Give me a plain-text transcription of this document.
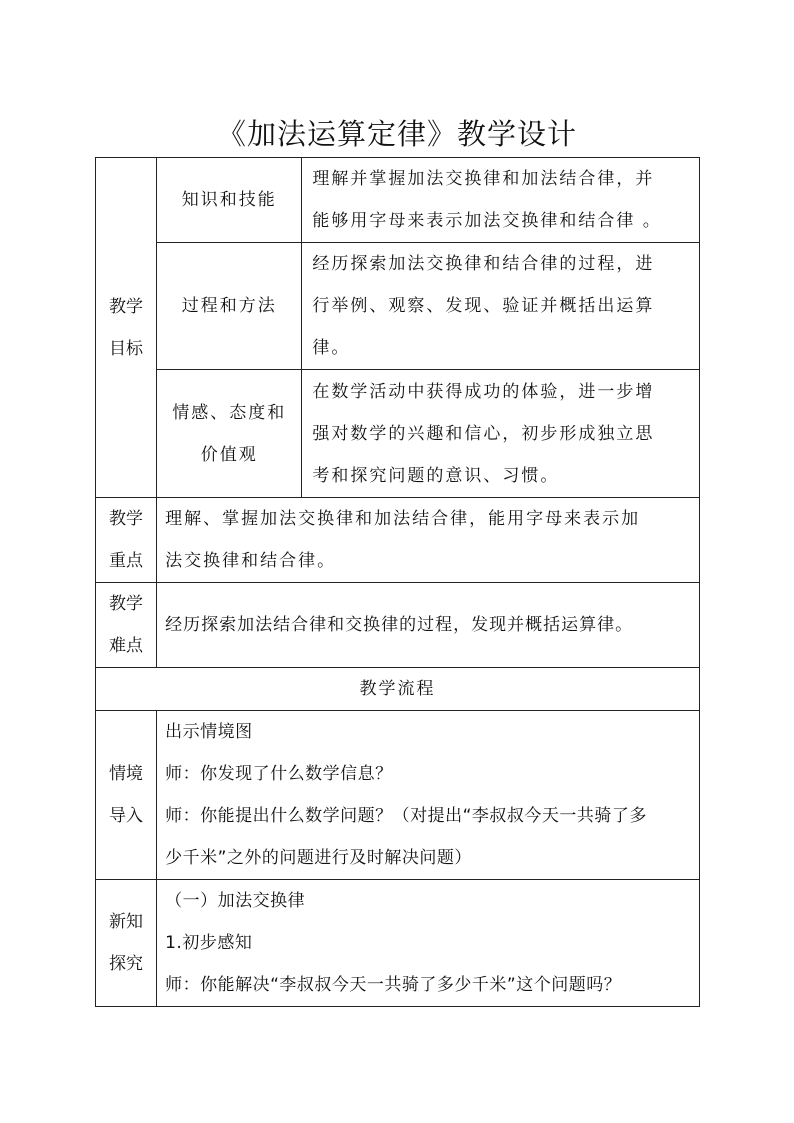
《加法运算定律》教学设计
教学
目标	知识和技能	理解并掌握加法交换律和加法结合律，并
能够用字母来表示加法交换律和结合律 。

	过程和方法	经历探索加法交换律和结合律的过程，进
行举例、观察、发现、验证并概括出运算
律。

	情感、态度和
价值观	在数学活动中获得成功的体验，进一步增
强对数学的兴趣和信心，初步形成独立思
考和探究问题的意识、习惯。

教学
重点	理解、掌握加法交换律和加法结合律，能用字母来表示加
法交换律和结合律。	

教学
难点	经历探索加法结合律和交换律的过程，发现并概括运算律。	
教学流程		

情境
导入	出示情境图
师：你发现了什么数学信息？
师：你能提出什么数学问题？（对提出“李叔叔今天一共骑了多
少千米”之外的问题进行及时解决问题）	

新知
探究	（一）加法交换律
1.初步感知
师：你能解决“李叔叔今天一共骑了多少千米”这个问题吗？	
